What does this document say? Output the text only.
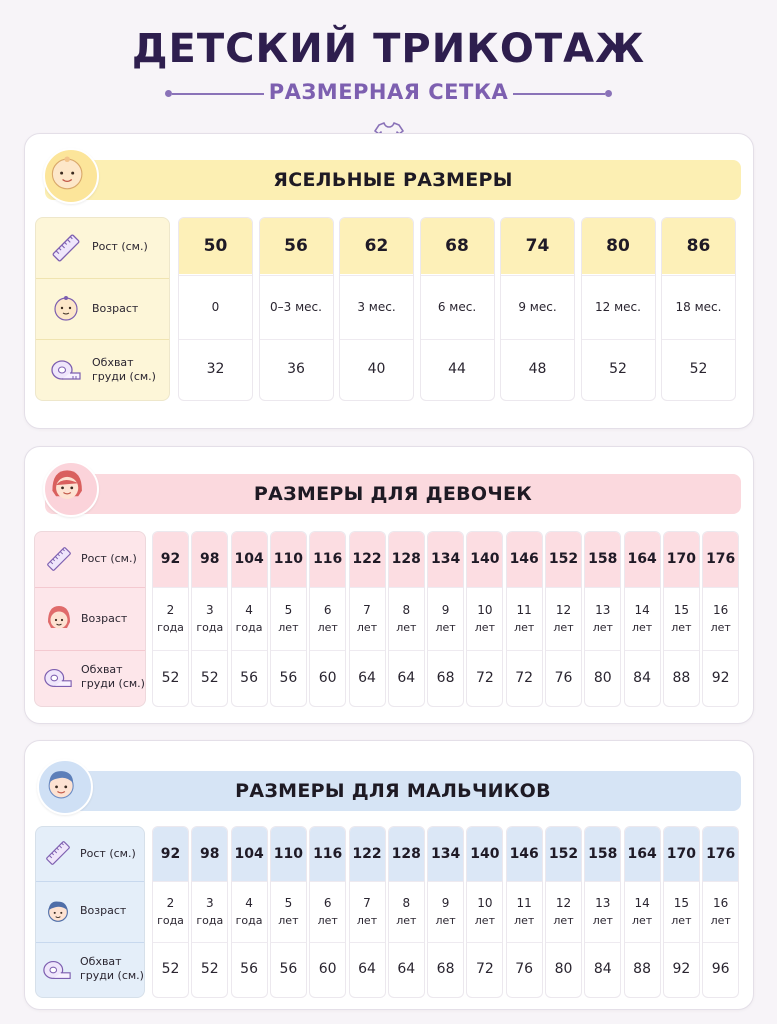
ДЕТСКИЙ ТРИКОТАЖ
РАЗМЕРНАЯ СЕТКА
ЯСЕЛЬНЫЕ РАЗМЕРЫ
Рост (см.)
Возраст
Обхват
груди (см.)
50
0
32
56
0–3 мес.
36
62
3 мес.
40
68
6 мес.
44
74
9 мес.
48
80
12 мес.
52
86
18 мес.
52
РАЗМЕРЫ ДЛЯ ДЕВОЧЕК
Рост (см.)
Возраст
Обхват
груди (см.)
92
2
года
52
98
3
года
52
104
4
года
56
110
5
лет
56
116
6
лет
60
122
7
лет
64
128
8
лет
64
134
9
лет
68
140
10
лет
72
146
11
лет
72
152
12
лет
76
158
13
лет
80
164
14
лет
84
170
15
лет
88
176
16
лет
92
РАЗМЕРЫ ДЛЯ МАЛЬЧИКОВ
Рост (см.)
Возраст
Обхват
груди (см.)
92
2
года
52
98
3
года
52
104
4
года
56
110
5
лет
56
116
6
лет
60
122
7
лет
64
128
8
лет
64
134
9
лет
68
140
10
лет
72
146
11
лет
76
152
12
лет
80
158
13
лет
84
164
14
лет
88
170
15
лет
92
176
16
лет
96
